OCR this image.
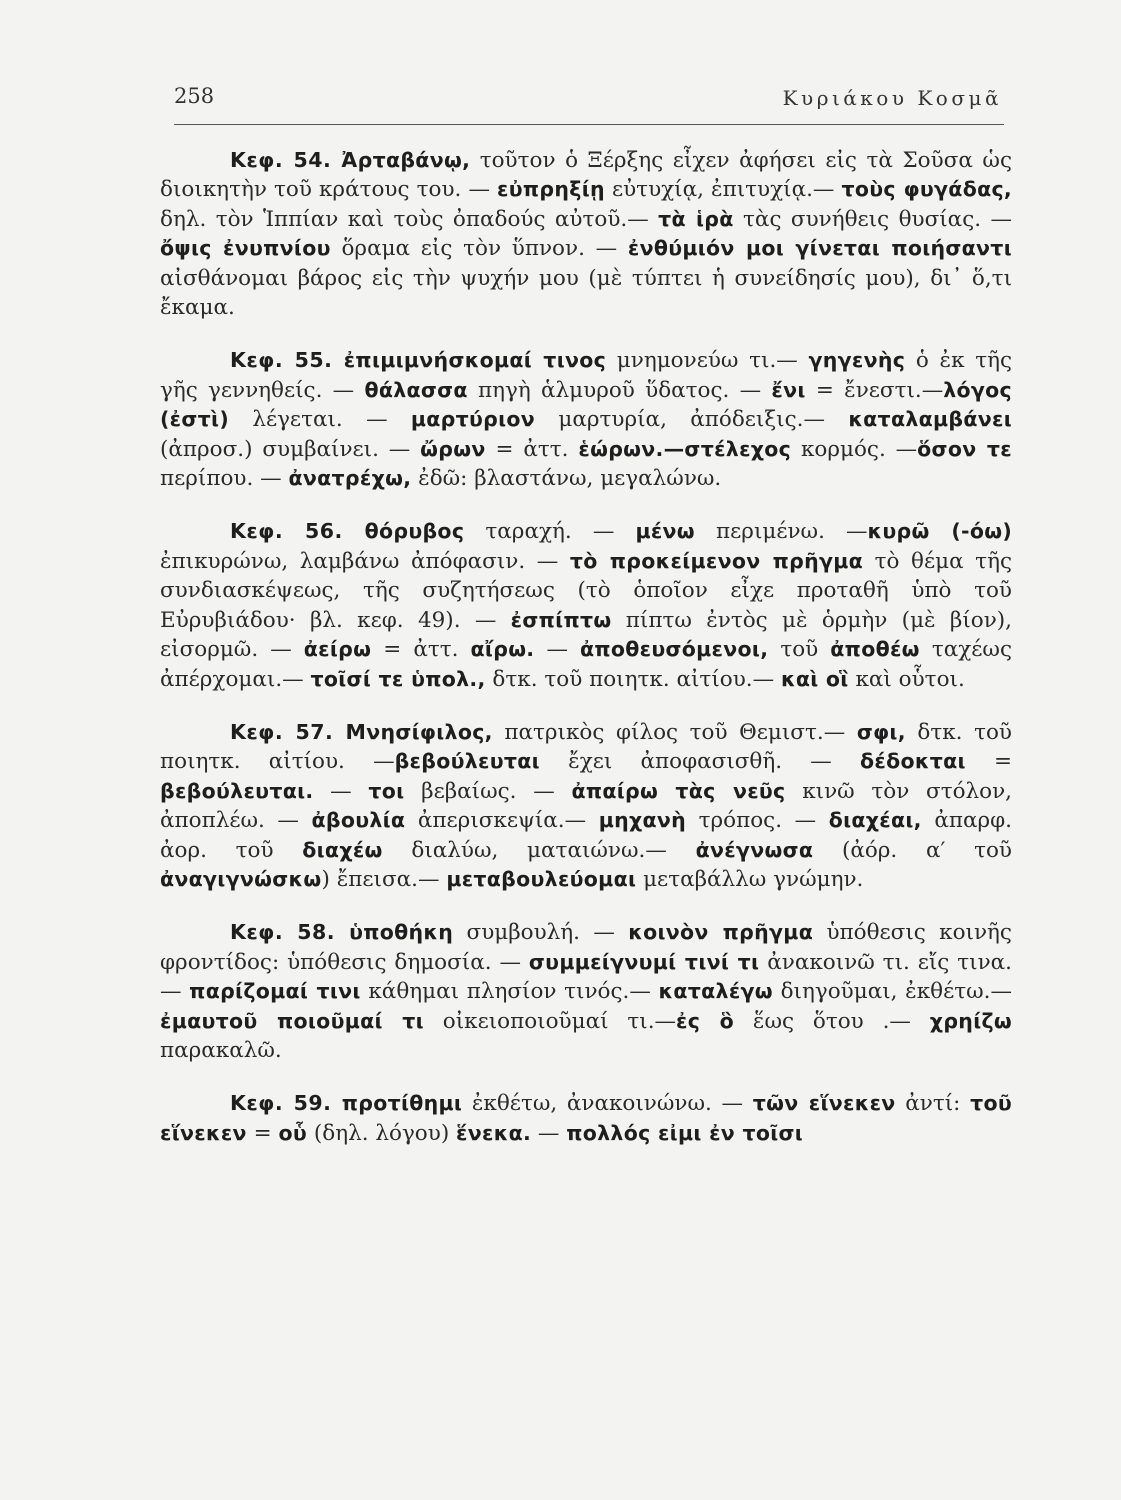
258	Κυριάκου Κοσμᾶ

Κεφ. 54. Ἀρταβάνῳ, τοῦτον ὁ Ξέρξης εἶχεν ἀφήσει εἰς τὰ Σοῦσα ὡς διοικητὴν τοῦ κράτους του. — εὐπρηξίῃ εὐτυχίᾳ, ἐπιτυχίᾳ.— τοὺς φυγάδας, δηλ. τὸν Ἱππίαν καὶ τοὺς ὀπαδούς αὐτοῦ.— τὰ ἱρὰ τὰς συνήθεις θυσίας. — ὄψις ἐνυπνίου ὅραμα εἰς τὸν ὕπνον. — ἐνθύμιόν μοι γίνεται ποιήσαντι αἰσθάνομαι βάρος εἰς τὴν ψυχήν μου (μὲ τύπτει ἡ συνείδησίς μου), δι᾽ ὅ,τι ἔκαμα.

Κεφ. 55. ἐπιμιμνήσκομαί τινος μνημονεύω τι.— γηγενὴς ὁ ἐκ τῆς γῆς γεννηθείς. — θάλασσα πηγὴ ἁλμυροῦ ὕδατος. — ἔνι = ἔνεστι.—λόγος (ἐστὶ) λέγεται. — μαρτύριον μαρτυρία, ἀπόδειξις.— καταλαμβάνει (ἀπροσ.) συμβαίνει. — ὤρων = ἀττ. ἑώρων.—στέλεχος κορμός. —ὅσον τε περίπου. — ἀνατρέχω, ἐδῶ: βλαστάνω, μεγαλώνω.

Κεφ. 56. θόρυβος ταραχή. — μένω περιμένω. —κυρῶ (-όω) ἐπικυρώνω, λαμβάνω ἀπόφασιν. — τὸ προκείμενον πρῆγμα τὸ θέμα τῆς συνδιασκέψεως, τῆς συζητήσεως (τὸ ὁποῖον εἶχε προταθῆ ὑπὸ τοῦ Εὐρυβιάδου· βλ. κεφ. 49). — ἐσπίπτω πίπτω ἐντὸς μὲ ὁρμὴν (μὲ βίον), εἰσορμῶ. — ἀείρω = ἀττ. αἴρω. — ἀποθευσόμενοι, τοῦ ἀποθέω ταχέως ἀπέρχομαι.— τοῖσί τε ὑπολ., δτκ. τοῦ ποιητκ. αἰτίου.— καὶ οἳ καὶ οὗτοι.

Κεφ. 57. Μνησίφιλος, πατρικὸς φίλος τοῦ Θεμιστ.— σφι, δτκ. τοῦ ποιητκ. αἰτίου. —βεβούλευται ἔχει ἀποφασισθῆ. — δέδοκται = βεβούλευται. — τοι βεβαίως. — ἀπαίρω τὰς νεῦς κινῶ τὸν στόλον, ἀποπλέω. — ἀβουλία ἀπερισκεψία.— μηχανὴ τρόπος. — διαχέαι, ἀπαρφ. ἀορ. τοῦ διαχέω διαλύω, ματαιώνω.— ἀνέγνωσα (ἀόρ. α′ τοῦ ἀναγιγνώσκω) ἔπεισα.— μεταβουλεύομαι μεταβάλλω γνώμην.

Κεφ. 58. ὑποθήκη συμβουλή. — κοινὸν πρῆγμα ὑπόθεσις κοινῆς φροντίδος: ὑπόθεσις δημοσία. — συμμείγνυμί τινί τι ἀνακοινῶ τι. εἴς τινα. — παρίζομαί τινι κάθημαι πλησίον τινός.— καταλέγω διηγοῦμαι, ἐκθέτω.— ἐμαυτοῦ ποιοῦμαί τι οἰκειοποιοῦμαί τι.—ἐς ὃ ἕως ὅτου .— χρηίζω παρακαλῶ.

Κεφ. 59. προτίθημι ἐκθέτω, ἀνακοινώνω. — τῶν εἵνεκεν ἀντί: τοῦ εἵνεκεν = οὗ (δηλ. λόγου) ἕνεκα. — πολλός εἰμι ἐν τοῖσι
